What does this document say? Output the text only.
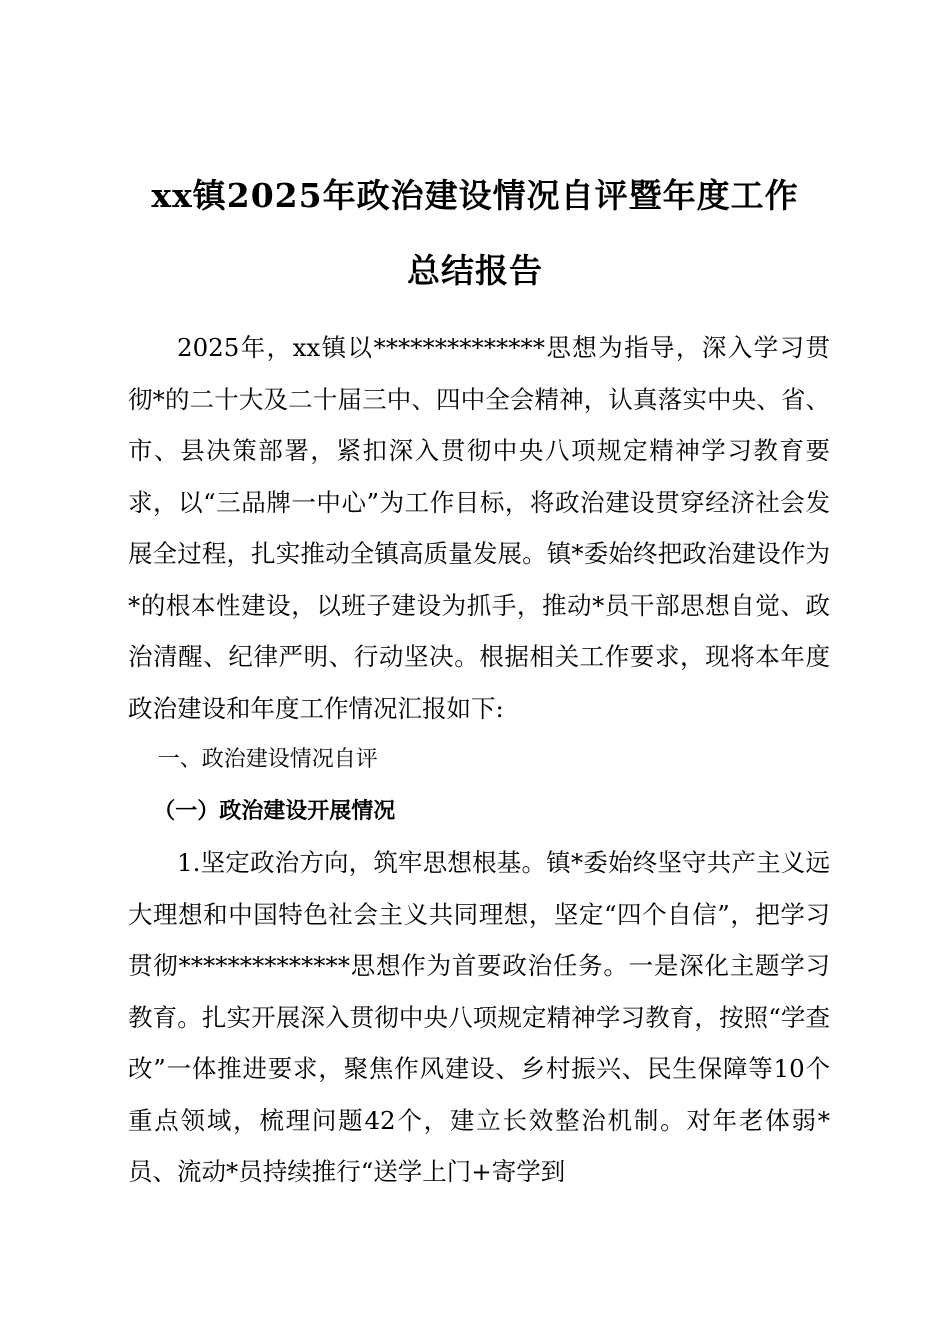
xx镇2025年政治建设情况自评暨年度工作
总结报告

2025年，xx镇以**************思想为指导，深入学习贯彻*的二十大及二十届三中、四中全会精神，认真落实中央、省、市、县决策部署，紧扣深入贯彻中央八项规定精神学习教育要求，以“三品牌一中心”为工作目标，将政治建设贯穿经济社会发展全过程，扎实推动全镇高质量发展。镇*委始终把政治建设作为*的根本性建设，以班子建设为抓手，推动*员干部思想自觉、政治清醒、纪律严明、行动坚决。根据相关工作要求，现将本年度政治建设和年度工作情况汇报如下:

一、政治建设情况自评
（一）政治建设开展情况

1.坚定政治方向，筑牢思想根基。镇*委始终坚守共产主义远大理想和中国特色社会主义共同理想，坚定“四个自信”，把学习贯彻**************思想作为首要政治任务。一是深化主题学习教育。扎实开展深入贯彻中央八项规定精神学习教育，按照“学查改”一体推进要求，聚焦作风建设、乡村振兴、民生保障等10个重点领域，梳理问题42个，建立长效整治机制。对年老体弱*员、流动*员持续推行“送学上门+寄学到
